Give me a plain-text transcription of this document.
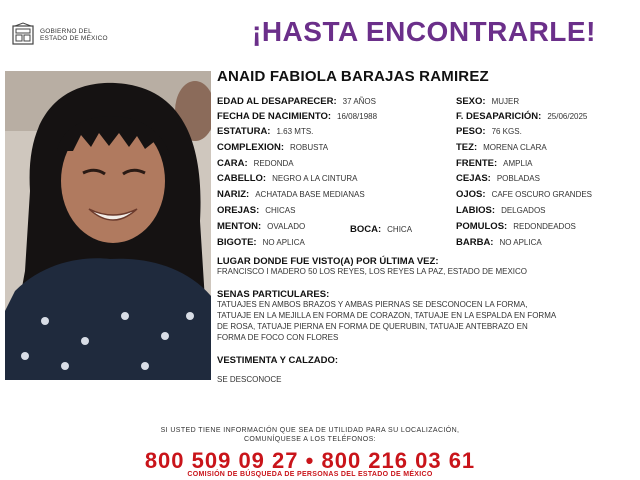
GOBIERNO DEL
ESTADO DE MÉXICO	¡HASTA ENCONTRARLE!
ANAID FABIOLA BARAJAS RAMIREZ
EDAD AL DESAPARECER: 37 AÑOS
FECHA DE NACIMIENTO: 16/08/1988
ESTATURA: 1.63 MTS.
COMPLEXION: ROBUSTA
CARA: REDONDA
CABELLO: NEGRO A LA CINTURA
NARIZ: ACHATADA BASE MEDIANAS
OREJAS: CHICAS
MENTON: OVALADO	BOCA: CHICA
BIGOTE: NO APLICA
SEXO: MUJER
F. DESAPARICIÓN: 25/06/2025
PESO: 76 KGS.
TEZ: MORENA CLARA
FRENTE: AMPLIA
CEJAS: POBLADAS
OJOS: CAFE OSCURO GRANDES
LABIOS: DELGADOS
POMULOS: REDONDEADOS
BARBA: NO APLICA
LUGAR DONDE FUE VISTO(A) POR ÚLTIMA VEZ:
FRANCISCO I MADERO 50 LOS REYES, LOS REYES LA PAZ, ESTADO DE MEXICO
SENAS PARTICULARES:
TATUAJES EN AMBOS BRAZOS Y AMBAS PIERNAS SE DESCONOCEN LA FORMA,
TATUAJE EN LA MEJILLA EN FORMA DE CORAZON, TATUAJE EN LA ESPALDA EN FORMA
DE ROSA, TATUAJE PIERNA EN FORMA DE QUERUBIN, TATUAJE ANTEBRAZO EN
FORMA DE FOCO CON FLORES
VESTIMENTA Y CALZADO:
SE DESCONOCE
SI USTED TIENE INFORMACIÓN QUE SEA DE UTILIDAD PARA SU LOCALIZACIÓN,
COMUNÍQUESE A LOS TELÉFONOS:
800 509 09 27 • 800 216 03 61
COMISIÓN DE BÚSQUEDA DE PERSONAS DEL ESTADO DE MÉXICO
